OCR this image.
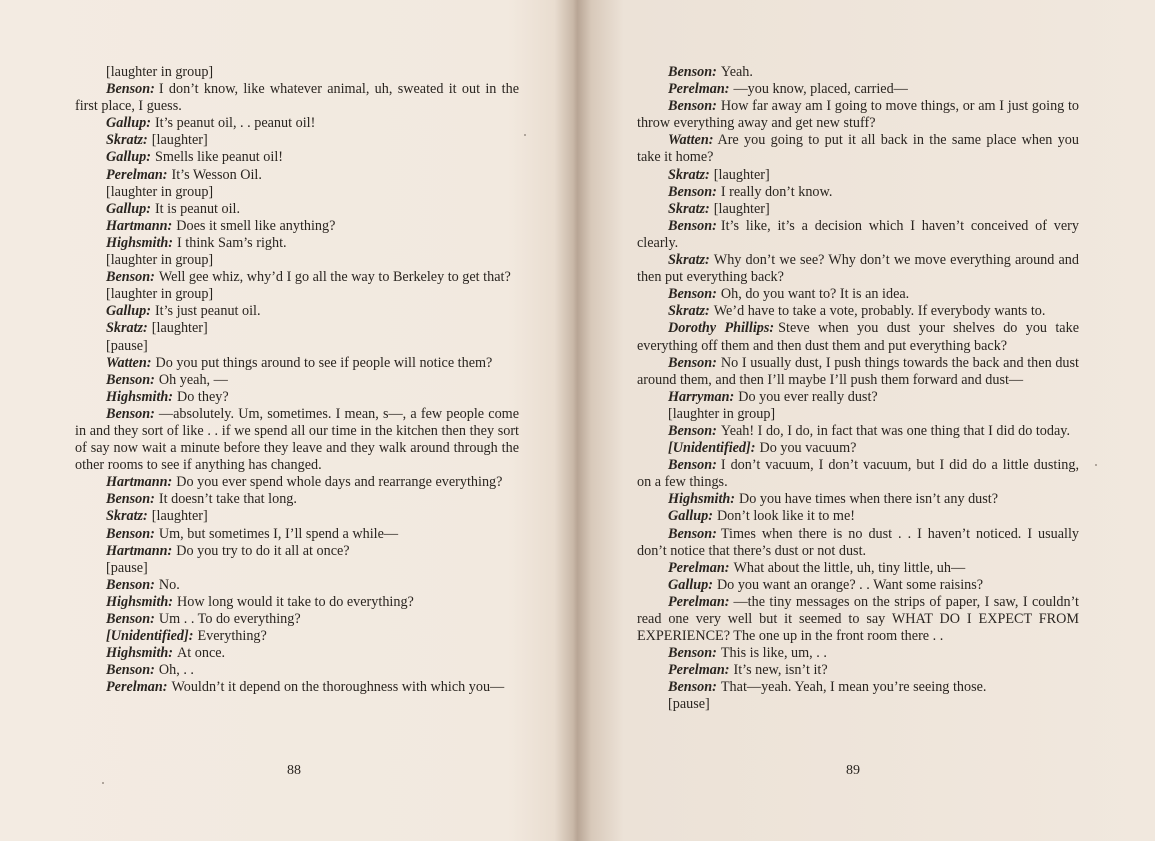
[laughter in group]

Benson: I don’t know, like whatever animal, uh, sweated it out in the first place, I guess.

Gallup: It’s peanut oil, . . peanut oil!

Skratz: [laughter]

Gallup: Smells like peanut oil!

Perelman: It’s Wesson Oil.

[laughter in group]

Gallup: It is peanut oil.

Hartmann: Does it smell like anything?

Highsmith: I think Sam’s right.

[laughter in group]

Benson: Well gee whiz, why’d I go all the way to Berkeley to get that?

[laughter in group]

Gallup: It’s just peanut oil.

Skratz: [laughter]

[pause]

Watten: Do you put things around to see if people will notice them?

Benson: Oh yeah, —

Highsmith: Do they?

Benson: —absolutely. Um, sometimes. I mean, s—, a few people come in and they sort of like . . if we spend all our time in the kitchen then they sort of say now wait a minute before they leave and they walk around through the other rooms to see if anything has changed.

Hartmann: Do you ever spend whole days and rearrange everything?

Benson: It doesn’t take that long.

Skratz: [laughter]

Benson: Um, but sometimes I, I’ll spend a while—

Hartmann: Do you try to do it all at once?

[pause]

Benson: No.

Highsmith: How long would it take to do everything?

Benson: Um . . To do everything?

[Unidentified]: Everything?

Highsmith: At once.

Benson: Oh, . .

Perelman: Wouldn’t it depend on the thoroughness with which you—

Benson: Yeah.

Perelman: —you know, placed, carried—

Benson: How far away am I going to move things, or am I just going to throw everything away and get new stuff?

Watten: Are you going to put it all back in the same place when you take it home?

Skratz: [laughter]

Benson: I really don’t know.

Skratz: [laughter]

Benson: It’s like, it’s a decision which I haven’t conceived of very clearly.

Skratz: Why don’t we see? Why don’t we move everything around and then put everything back?

Benson: Oh, do you want to? It is an idea.

Skratz: We’d have to take a vote, probably. If everybody wants to.

Dorothy Phillips: Steve when you dust your shelves do you take everything off them and then dust them and put everything back?

Benson: No I usually dust, I push things towards the back and then dust around them, and then I’ll maybe I’ll push them forward and dust—

Harryman: Do you ever really dust?

[laughter in group]

Benson: Yeah! I do, I do, in fact that was one thing that I did do today.

[Unidentified]: Do you vacuum?

Benson: I don’t vacuum, I don’t vacuum, but I did do a little dusting, on a few things.

Highsmith: Do you have times when there isn’t any dust?

Gallup: Don’t look like it to me!

Benson: Times when there is no dust . . I haven’t noticed. I usually don’t notice that there’s dust or not dust.

Perelman: What about the little, uh, tiny little, uh—

Gallup: Do you want an orange? . . Want some raisins?

Perelman: —the tiny messages on the strips of paper, I saw, I couldn’t read one very well but it seemed to say WHAT DO I EXPECT FROM EXPERIENCE? The one up in the front room there . .

Benson: This is like, um, . .

Perelman: It’s new, isn’t it?

Benson: That—yeah. Yeah, I mean you’re seeing those.

[pause]

88	89
